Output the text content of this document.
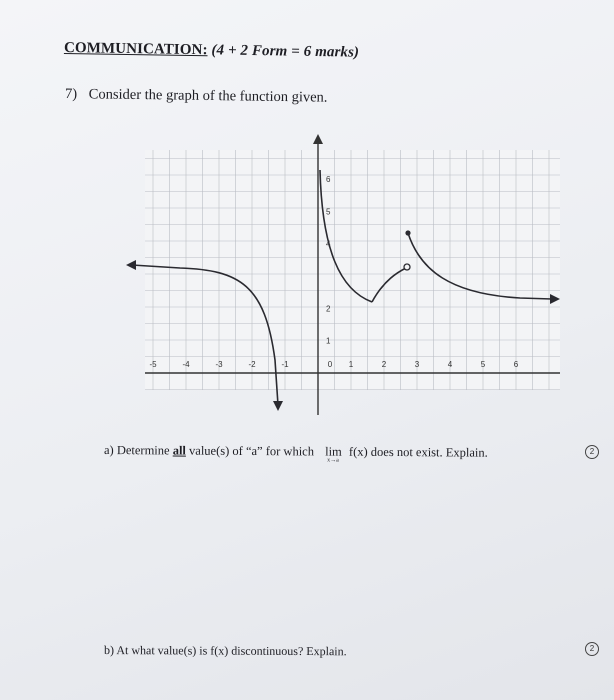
COMMUNICATION: (4 + 2 Form = 6 marks)
7) Consider the graph of the function given.
-5	-4	-3	-2	-1	0 1	2	3	4	5	6
1
2
4
5
6
a) Determine all value(s) of “a” for which lim
x→a
f(x) does not exist. Explain.	2
b) At what value(s) is f(x) discontinuous? Explain.	2
